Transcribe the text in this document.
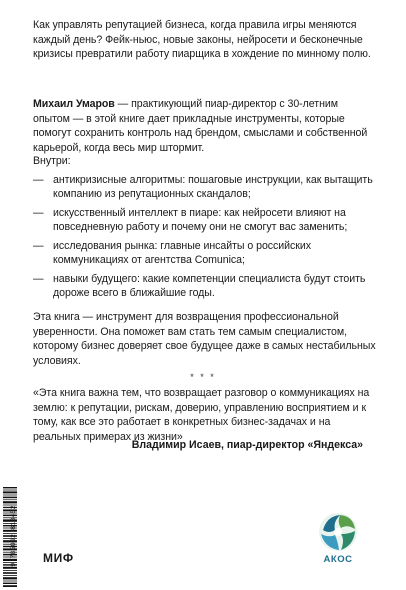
Как управлять репутацией бизнеса, когда правила игры меняются каждый день? Фейк-ньюс, новые законы, нейросети и бесконечные кризисы превратили работу пиарщика в хождение по минному полю.

Михаил Умаров — практикующий пиар-директор с 30-летним опытом — в этой книге дает прикладные инструменты, которые помогут сохранить контроль над брендом, смыслами и собственной карьерой, когда весь мир штормит.

Внутри:

— антикризисные алгоритмы: пошаговые инструкции, как вытащить компанию из репутационных скандалов;
— искусственный интеллект в пиаре: как нейросети влияют на повседневную работу и почему они не смогут вас заменить;
— исследования рынка: главные инсайты о российских коммуникациях от агентства Comunica;
— навыки будущего: какие компетенции специалиста будут стоить дороже всего в ближайшие годы.

Эта книга — инструмент для возвращения профессиональной уверенности. Она поможет вам стать тем самым специалистом, которому бизнес доверяет свое будущее даже в самых нестабильных условиях.

* * *

«Эта книга важна тем, что возвращает разговор о коммуникациях на землю: к репутации, рискам, доверию, управлению восприятием и к тому, как все это работает в конкретных бизнес-задачах и на реальных примерах из жизни»

Владимир Исаев, пиар-директор «Яндекса»
9 785002 813452 МИФ	АКОС
